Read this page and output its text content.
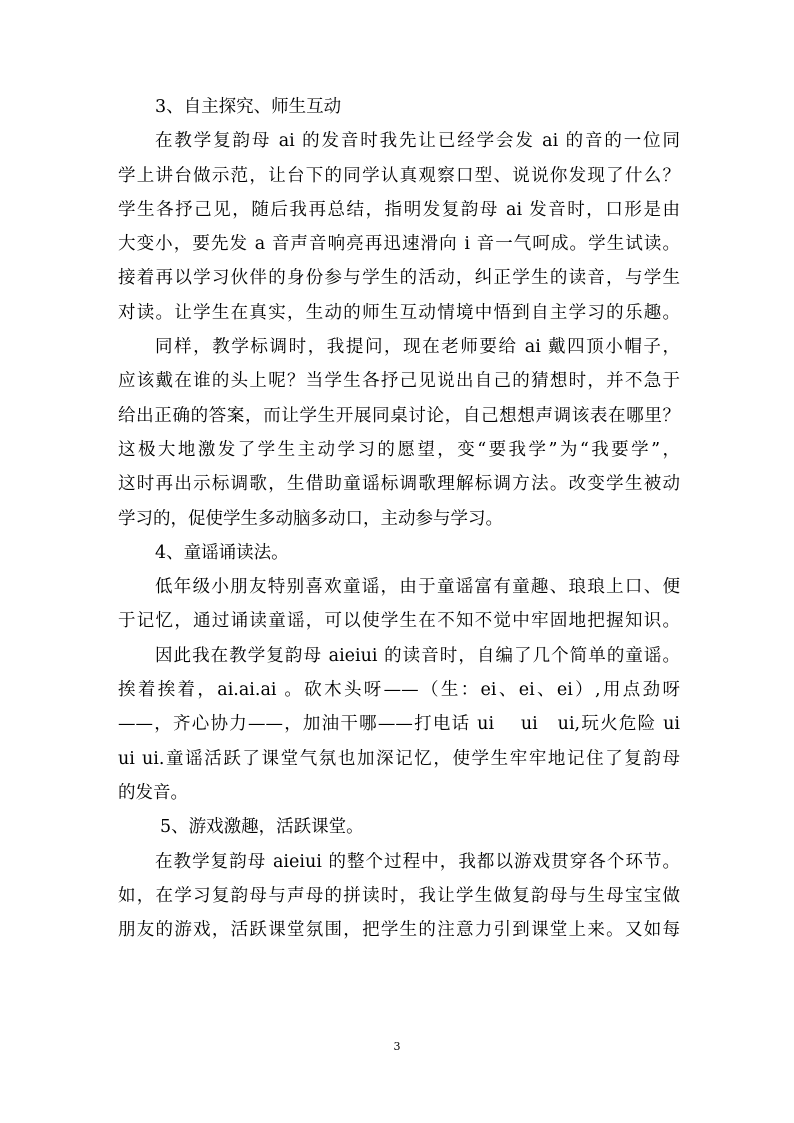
3、自主探究、师生互动
在教学复韵母 ai 的发音时我先让已经学会发 ai 的音的一位同
学上讲台做示范，让台下的同学认真观察口型、说说你发现了什么？
学生各抒己见，随后我再总结，指明发复韵母 ai 发音时，口形是由
大变小，要先发 a 音声音响亮再迅速滑向 i 音一气呵成。学生试读。
接着再以学习伙伴的身份参与学生的活动，纠正学生的读音，与学生
对读。让学生在真实，生动的师生互动情境中悟到自主学习的乐趣。
同样，教学标调时，我提问，现在老师要给 ai 戴四顶小帽子，
应该戴在谁的头上呢？当学生各抒己见说出自己的猜想时，并不急于
给出正确的答案，而让学生开展同桌讨论，自己想想声调该表在哪里？
这极大地激发了学生主动学习的愿望，变“要我学”为“我要学”，
这时再出示标调歌，生借助童谣标调歌理解标调方法。改变学生被动
学习的，促使学生多动脑多动口，主动参与学习。
4、童谣诵读法。
低年级小朋友特别喜欢童谣，由于童谣富有童趣、琅琅上口、便
于记忆，通过诵读童谣，可以使学生在不知不觉中牢固地把握知识。
因此我在教学复韵母 aieiui 的读音时，自编了几个简单的童谣。
挨着挨着，ai.ai.ai 。砍木头呀——（生：ei、ei、ei）,用点劲呀
——，齐心协力——，加油干哪——打电话 ui　 ui　ui,玩火危险 ui
ui ui.童谣活跃了课堂气氛也加深记忆，使学生牢牢地记住了复韵母
的发音。
5、游戏激趣，活跃课堂。
在教学复韵母 aieiui 的整个过程中，我都以游戏贯穿各个环节。
如，在学习复韵母与声母的拼读时，我让学生做复韵母与生母宝宝做
朋友的游戏，活跃课堂氛围，把学生的注意力引到课堂上来。又如每
3
